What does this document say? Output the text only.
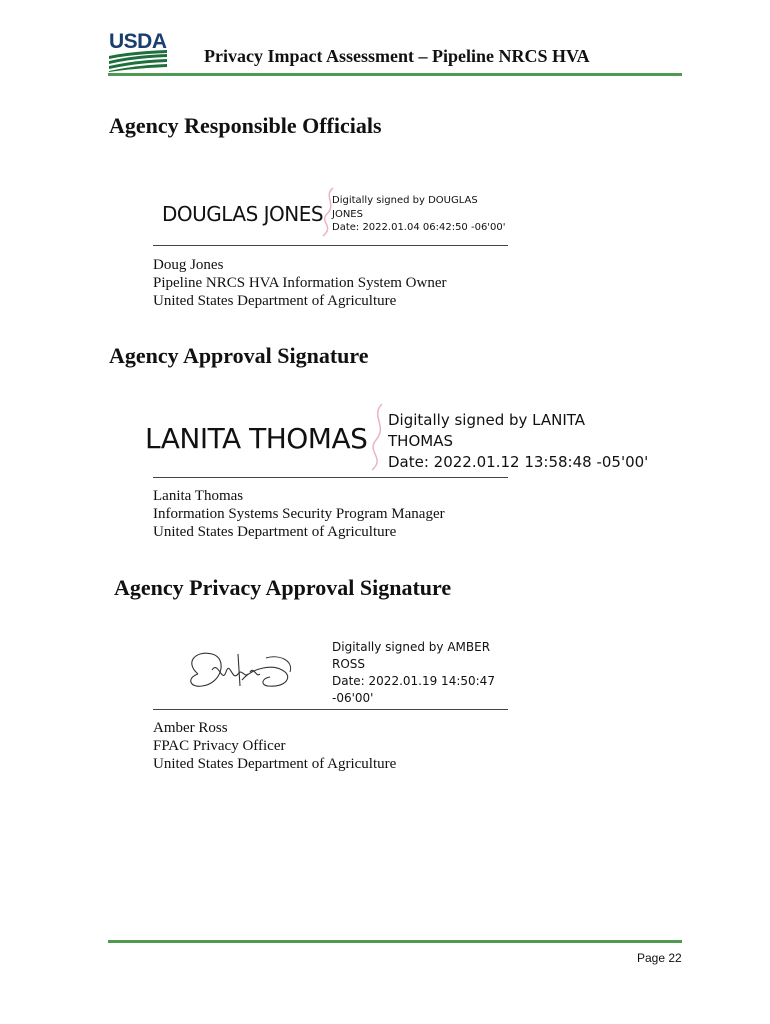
USDA
Privacy Impact Assessment – Pipeline NRCS HVA
Agency Responsible Officials
DOUGLAS JONES
Digitally signed by DOUGLAS
JONES
Date: 2022.01.04 06:42:50 -06'00'
Doug Jones
Pipeline NRCS HVA Information System Owner
United States Department of Agriculture
Agency Approval Signature
LANITA THOMAS
Digitally signed by LANITA
THOMAS
Date: 2022.01.12 13:58:48 -05'00'
Lanita Thomas
Information Systems Security Program Manager
United States Department of Agriculture
Agency Privacy Approval Signature
Digitally signed by AMBER
ROSS
Date: 2022.01.19 14:50:47
-06'00'
Amber Ross
FPAC Privacy Officer
United States Department of Agriculture
Page 22
